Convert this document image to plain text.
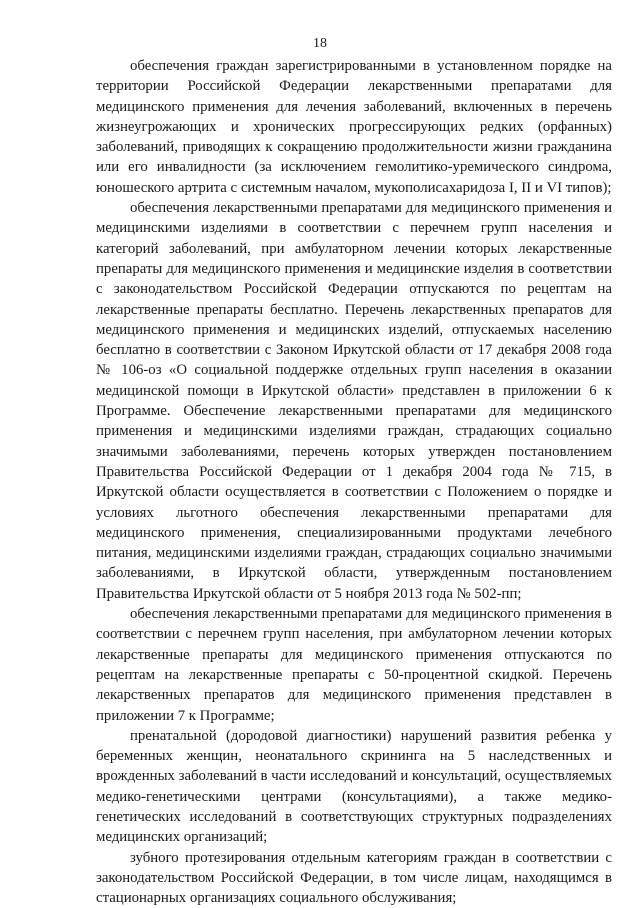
18

обеспечения граждан зарегистрированными в установленном порядке на территории Российской Федерации лекарственными препаратами для медицинского применения для лечения заболеваний, включенных в перечень жизнеугрожающих и хронических прогрессирующих редких (орфанных) заболеваний, приводящих к сокращению продолжительности жизни гражданина или его инвалидности (за исключением гемолитико-уремического синдрома, юношеского артрита с системным началом, мукополисахаридоза I, II и VI типов);

обеспечения лекарственными препаратами для медицинского применения и медицинскими изделиями в соответствии с перечнем групп населения и категорий заболеваний, при амбулаторном лечении которых лекарственные препараты для медицинского применения и медицинские изделия в соответствии с законодательством Российской Федерации отпускаются по рецептам на лекарственные препараты бесплатно. Перечень лекарственных препаратов для медицинского применения и медицинских изделий, отпускаемых населению бесплатно в соответствии с Законом Иркутской области от 17 декабря 2008 года № 106-оз «О социальной поддержке отдельных групп населения в оказании медицинской помощи в Иркутской области» представлен в приложении 6 к Программе. Обеспечение лекарственными препаратами для медицинского применения и медицинскими изделиями граждан, страдающих социально значимыми заболеваниями, перечень которых утвержден постановлением Правительства Российской Федерации от 1 декабря 2004 года № 715, в Иркутской области осуществляется в соответствии с Положением о порядке и условиях льготного обеспечения лекарственными препаратами для медицинского применения, специализированными продуктами лечебного питания, медицинскими изделиями граждан, страдающих социально значимыми заболеваниями, в Иркутской области, утвержденным постановлением Правительства Иркутской области от 5 ноября 2013 года № 502-пп;

обеспечения лекарственными препаратами для медицинского применения в соответствии с перечнем групп населения, при амбулаторном лечении которых лекарственные препараты для медицинского применения отпускаются по рецептам на лекарственные препараты с 50-процентной скидкой. Перечень лекарственных препаратов для медицинского применения представлен в приложении 7 к Программе;

пренатальной (дородовой диагностики) нарушений развития ребенка у беременных женщин, неонатального скрининга на 5 наследственных и врожденных заболеваний в части исследований и консультаций, осуществляемых медико-генетическими центрами (консультациями), а также медико-генетических исследований в соответствующих структурных подразделениях медицинских организаций;

зубного протезирования отдельным категориям граждан в соответствии с законодательством Российской Федерации, в том числе лицам, находящимся в стационарных организациях социального обслуживания;
